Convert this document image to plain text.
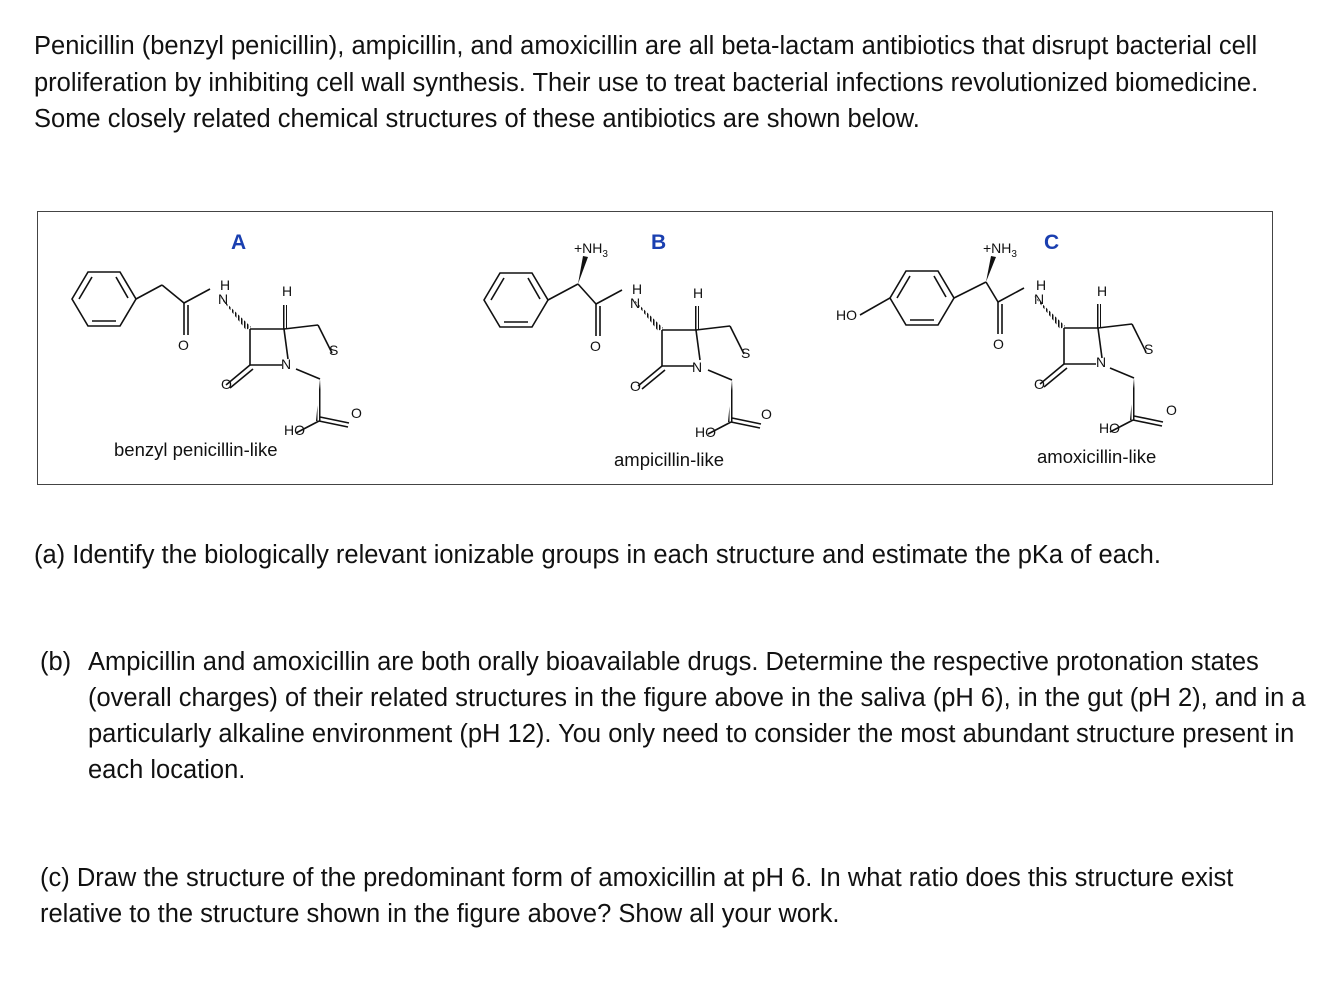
Penicillin (benzyl penicillin), ampicillin, and amoxicillin are all beta-lactam antibiotics that disrupt bacterial cell proliferation by inhibiting cell wall synthesis. Their use to treat bacterial infections revolutionized biomedicine. Some closely related chemical structures of these antibiotics are shown below.

A
O
H
N	H
N
S
O
HO
O
benzyl penicillin-like
B
$+NH_3$
O
H
N
H
N
S
O
HO
O
ampicillin-like
C
$+NH_3$
HO
O
H
N	H
N
S
O
HO
O
amoxicillin-like

(a) Identify the biologically relevant ionizable groups in each structure and estimate the pKa of each.

(b) Ampicillin and amoxicillin are both orally bioavailable drugs. Determine the respective protonation states (overall charges) of their related structures in the figure above in the saliva (pH 6), in the gut (pH 2), and in a particularly alkaline environment (pH 12). You only need to consider the most abundant structure present in each location.

(c) Draw the structure of the predominant form of amoxicillin at pH 6. In what ratio does this structure exist relative to the structure shown in the figure above? Show all your work.
